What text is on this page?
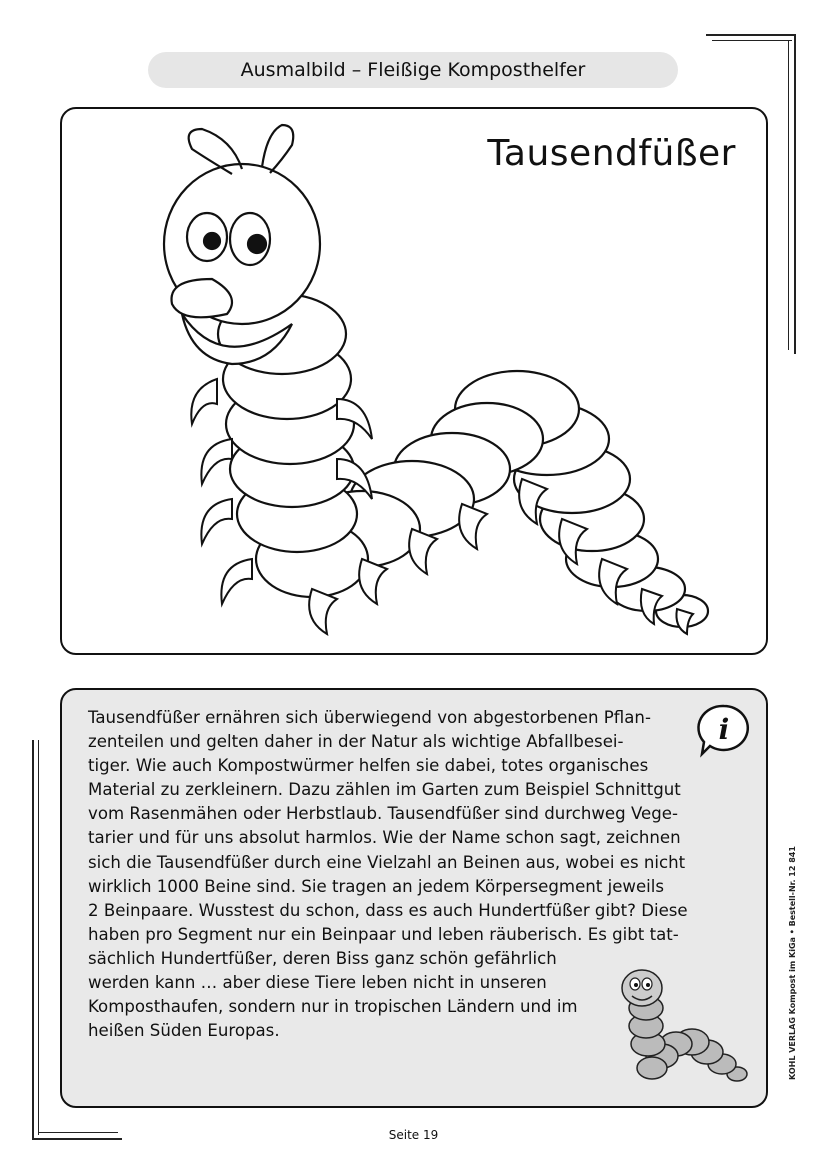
Ausmalbild – Fleißige Komposthelfer
Tausendfüßer

Tausendfüßer ernähren sich überwiegend von abgestorbenen Pflan-

zenteilen und gelten daher in der Natur als wichtige Abfallbesei-

tiger. Wie auch Kompostwürmer helfen sie dabei, totes organisches

Material zu zerkleinern. Dazu zählen im Garten zum Beispiel Schnittgut

vom Rasenmähen oder Herbstlaub. Tausendfüßer sind durchweg Vege-

tarier und für uns absolut harmlos. Wie der Name schon sagt, zeichnen

sich die Tausendfüßer durch eine Vielzahl an Beinen aus, wobei es nicht

wirklich 1000 Beine sind. Sie tragen an jedem Körpersegment jeweils

2 Beinpaare. Wusstest du schon, dass es auch Hundertfüßer gibt? Diese

haben pro Segment nur ein Beinpaar und leben räuberisch. Es gibt tat-

sächlich Hundertfüßer, deren Biss ganz schön gefährlich

werden kann … aber diese Tiere leben nicht in unseren

Komposthaufen, sondern nur in tropischen Ländern und im

heißen Süden Europas.

i
KOHL VERLAG Kompost im KiGa • Bestell-Nr. 12 841
Seite 19
